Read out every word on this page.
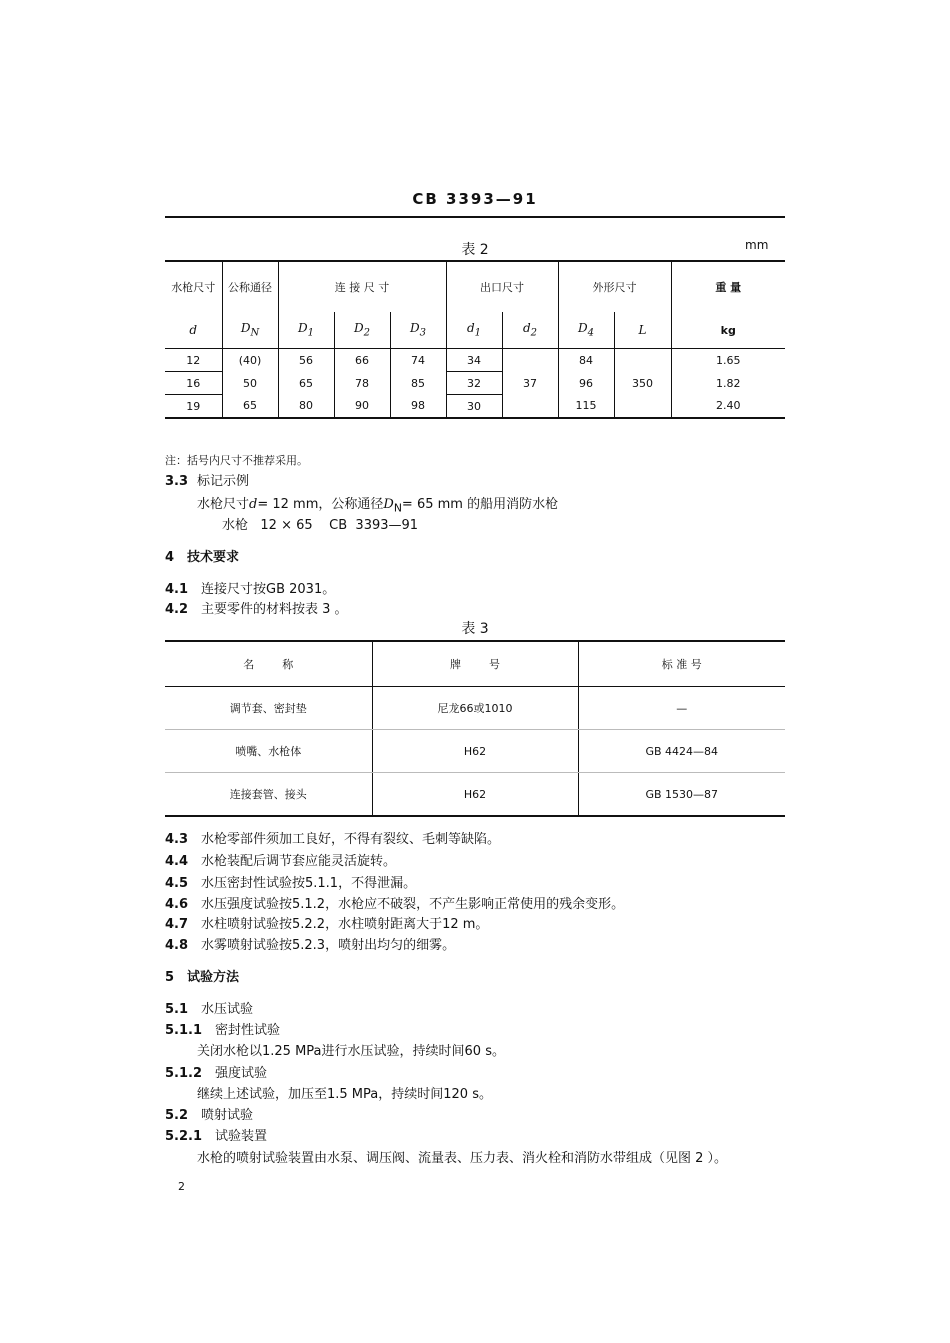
CB 3393—91
表 2	mm
水枪尺寸	公称通径	连 接 尺 寸			出口尺寸		外形尺寸		重 量
d	$D_N$	$D_1$	$D_2$	$D_3$	$d_1$	$d_2$	$D_4$	L	kg
12	(40)	56	66	74	34	37	84	350	1.65
16	50	65	78	85	32		96		1.82
19	65	80	90	98	30		115		2.40
注：括号内尺寸不推荐采用。
3.3 标记示例
水枪尺寸d= 12 mm，公称通径$D_N= 65$ mm 的船用消防水枪
水枪   12 × 65    CB  3393—91
4 技术要求
4.1 连接尺寸按GB 2031。
4.2 主要零件的材料按表 3 。
表 3
名        称	牌        号	标 准 号
调节套、密封垫	尼龙66或1010	—
喷嘴、水枪体	H62	GB 4424—84
连接套管、接头	H62	GB 1530—87
4.3 水枪零部件须加工良好，不得有裂纹、毛刺等缺陷。
4.4 水枪装配后调节套应能灵活旋转。
4.5 水压密封性试验按5.1.1，不得泄漏。
4.6 水压强度试验按5.1.2，水枪应不破裂，不产生影响正常使用的残余变形。
4.7 水柱喷射试验按5.2.2，水柱喷射距离大于12 m。
4.8 水雾喷射试验按5.2.3，喷射出均匀的细雾。
5 试验方法
5.1 水压试验
5.1.1 密封性试验
关闭水枪以1.25 MPa进行水压试验，持续时间60 s。
5.1.2 强度试验
继续上述试验，加压至1.5 MPa，持续时间120 s。
5.2 喷射试验
5.2.1 试验装置
水枪的喷射试验装置由水泵、调压阀、流量表、压力表、消火栓和消防水带组成（见图 2 ）。
2
